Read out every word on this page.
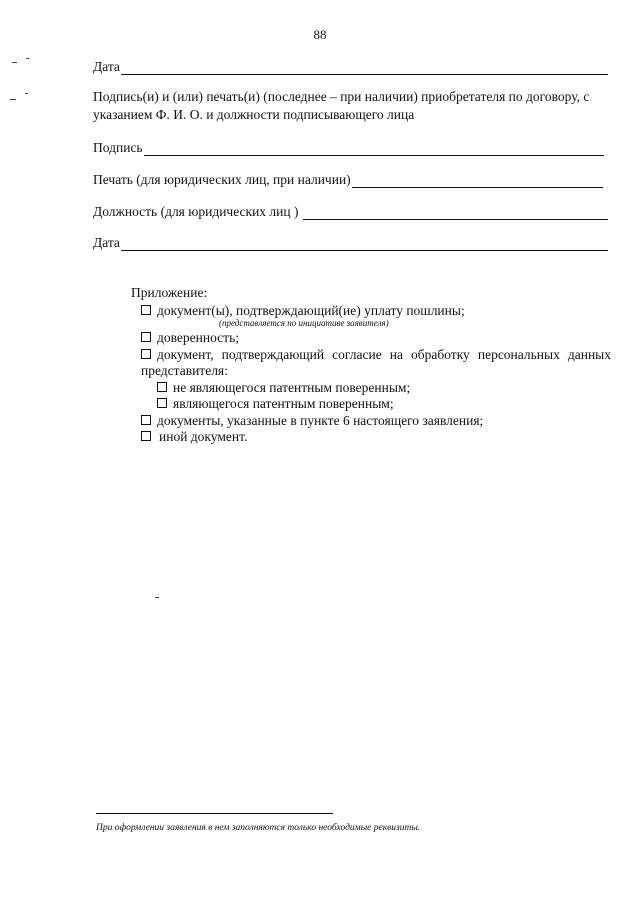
88
Дата
Подпись(и) и (или) печать(и) (последнее – при наличии) приобретателя по договору, с указанием Ф. И. О. и должности подписывающего лица
Подпись
Печать (для юридических лиц, при наличии)
Должность (для юридических лиц )
Дата
Приложение:
документ(ы), подтверждающий(ие) уплату пошлины;
(представляется по инициативе заявителя)
доверенность;
документ, подтверждающий согласие на обработку персональных данных
представителя:
не являющегося патентным поверенным;
являющегося патентным поверенным;
документы, указанные в пункте 6 настоящего заявления;
иной документ.
При оформлении заявления в нем заполняются только необходимые реквизиты.
